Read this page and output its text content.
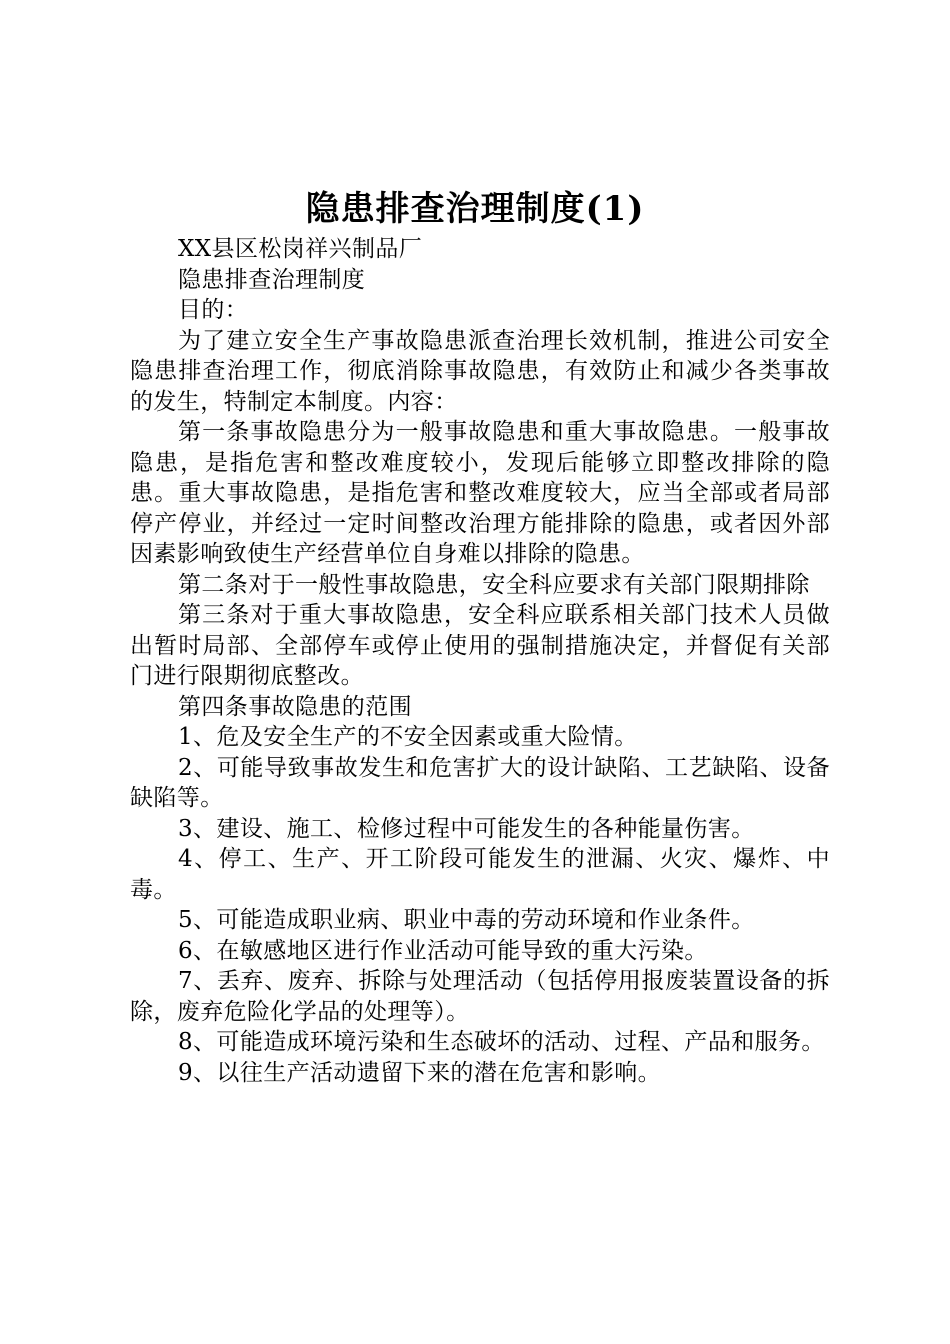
隐患排查治理制度(1)

XX县区松岗祥兴制品厂

隐患排查治理制度

目的：

为了建立安全生产事故隐患派查治理长效机制，推进公司安全隐患排查治理工作，彻底消除事故隐患，有效防止和减少各类事故的发生，特制定本制度。内容：

第一条事故隐患分为一般事故隐患和重大事故隐患。一般事故隐患，是指危害和整改难度较小，发现后能够立即整改排除的隐患。重大事故隐患，是指危害和整改难度较大，应当全部或者局部停产停业，并经过一定时间整改治理方能排除的隐患，或者因外部因素影响致使生产经营单位自身难以排除的隐患。

第二条对于一般性事故隐患，安全科应要求有关部门限期排除

第三条对于重大事故隐患，安全科应联系相关部门技术人员做出暂时局部、全部停车或停止使用的强制措施决定，并督促有关部门进行限期彻底整改。

第四条事故隐患的范围

1、危及安全生产的不安全因素或重大险情。

2、可能导致事故发生和危害扩大的设计缺陷、工艺缺陷、设备缺陷等。

3、建设、施工、检修过程中可能发生的各种能量伤害。

4、停工、生产、开工阶段可能发生的泄漏、火灾、爆炸、中毒。

5、可能造成职业病、职业中毒的劳动环境和作业条件。

6、在敏感地区进行作业活动可能导致的重大污染。

7、丢弃、废弃、拆除与处理活动（包括停用报废装置设备的拆除，废弃危险化学品的处理等）。

8、可能造成环境污染和生态破坏的活动、过程、产品和服务。

9、以往生产活动遗留下来的潜在危害和影响。
